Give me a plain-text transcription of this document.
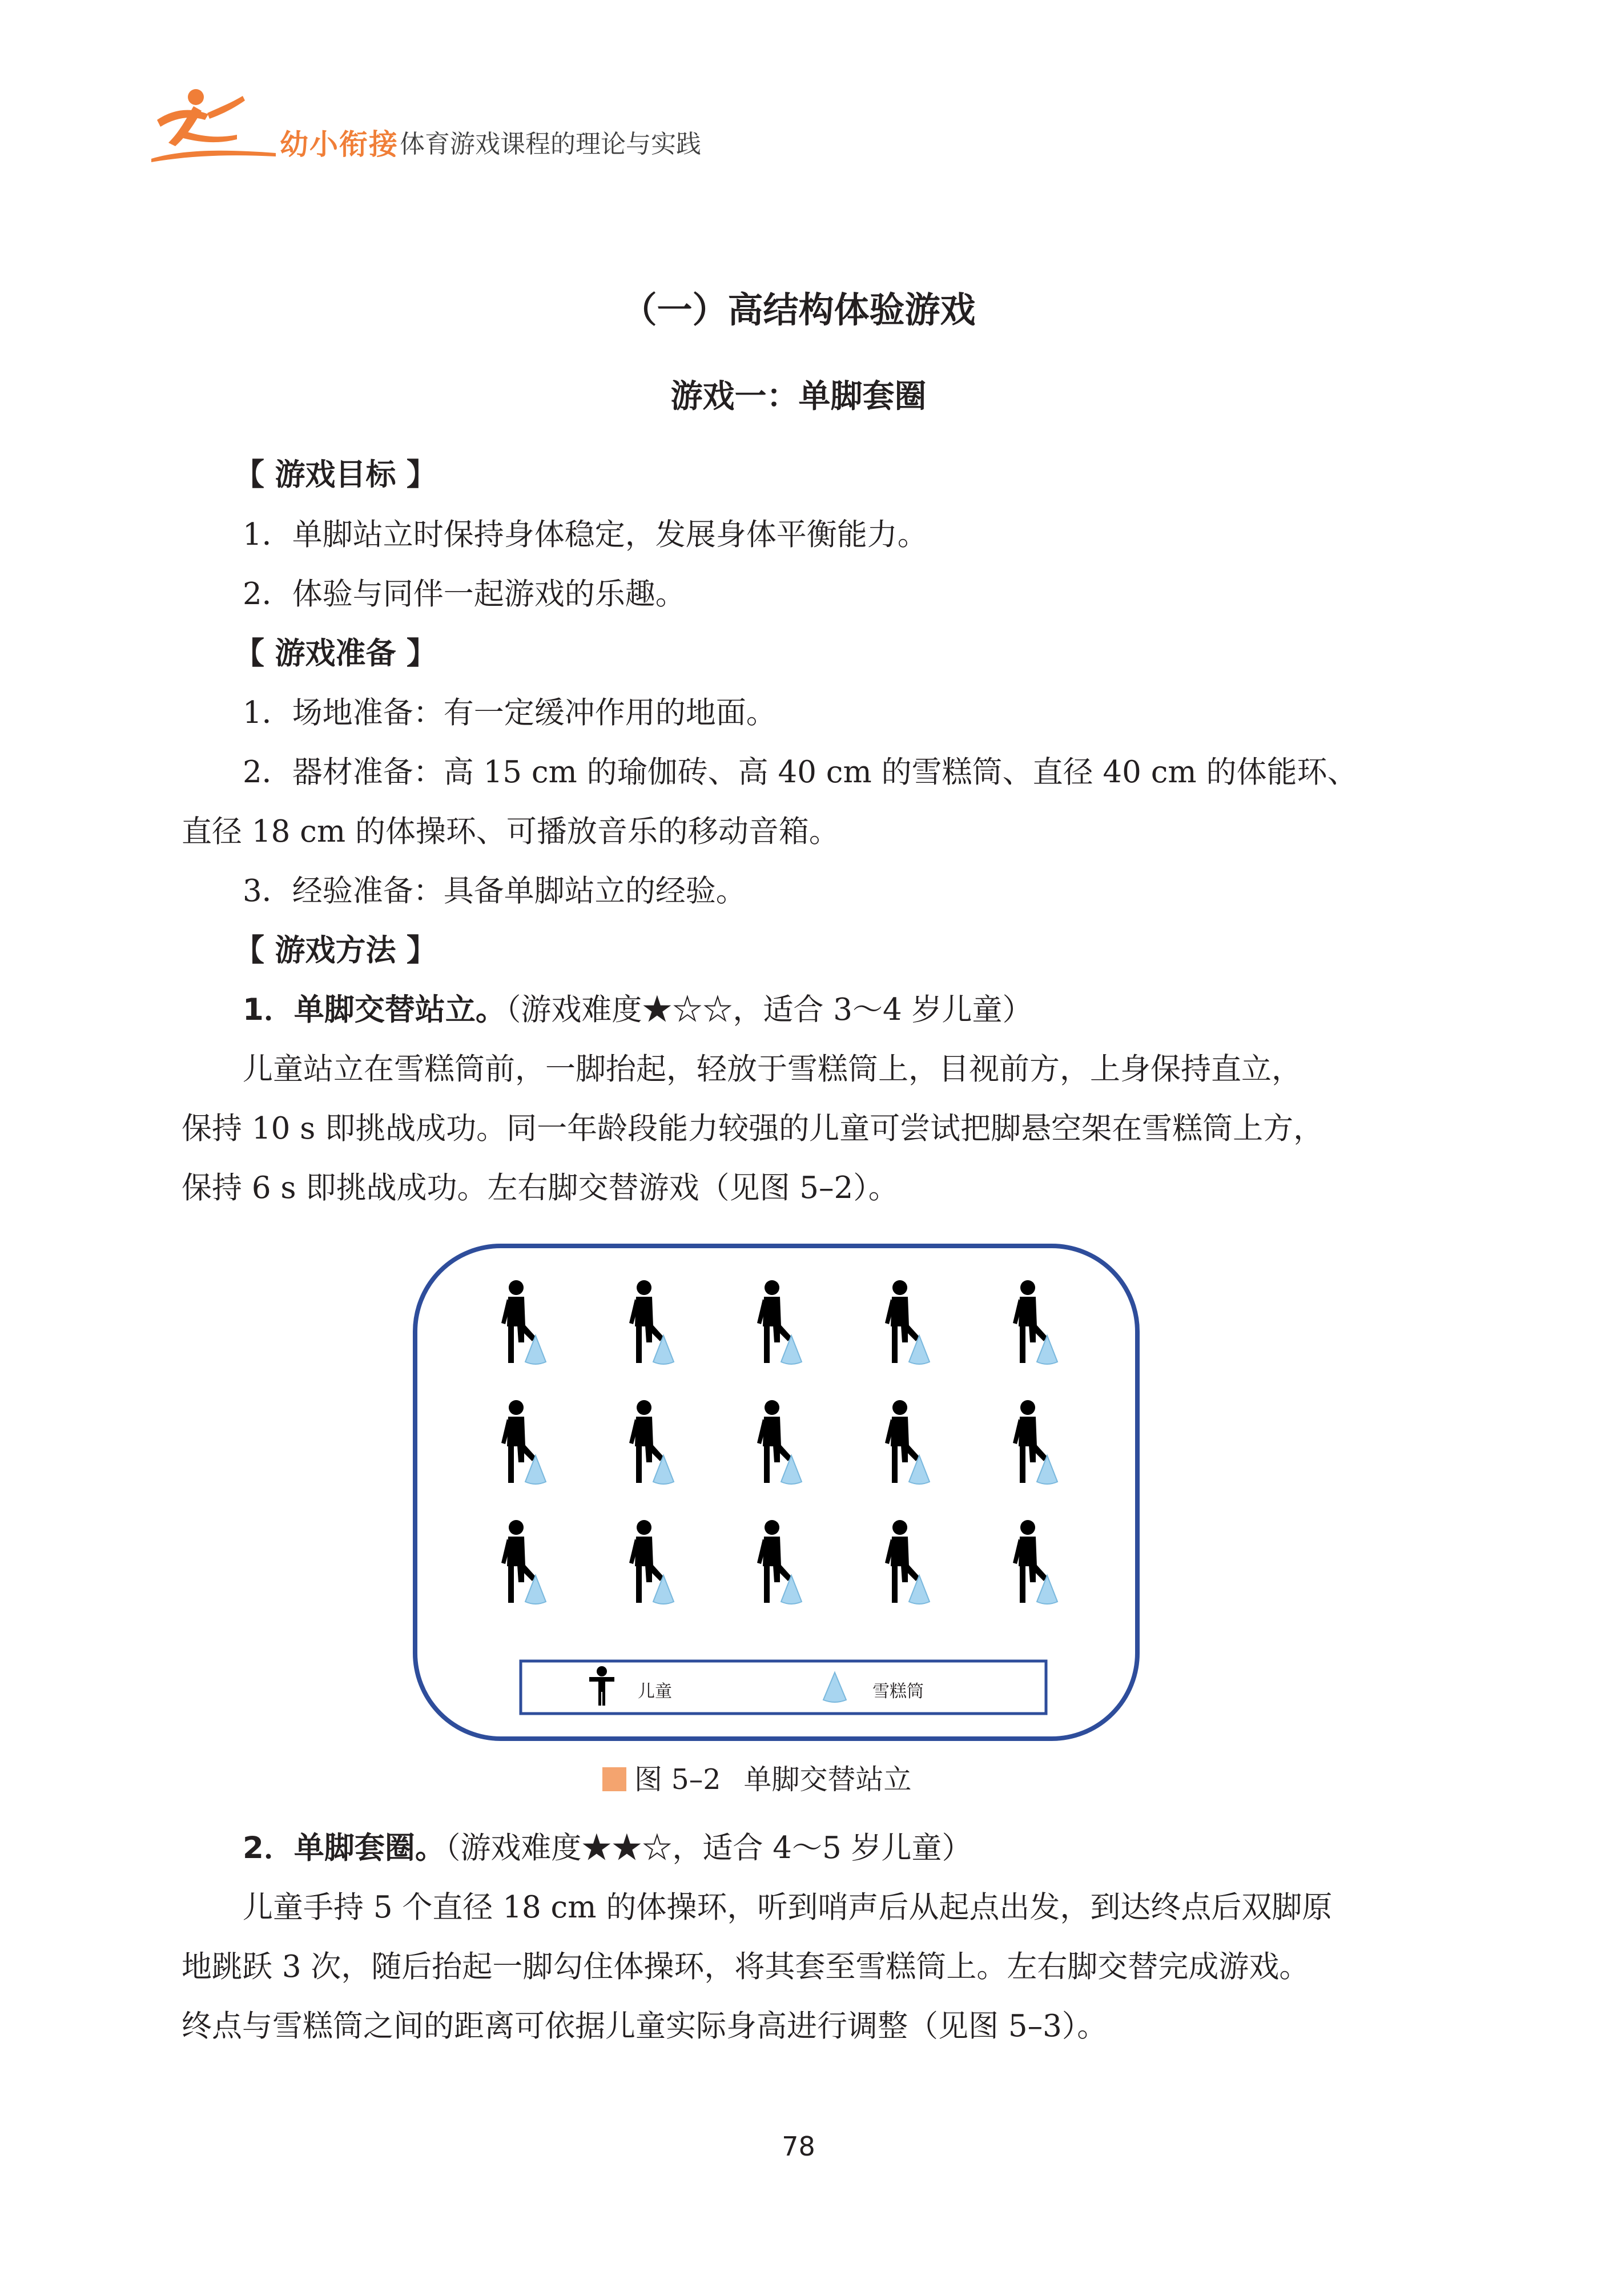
幼小衔接 体育游戏课程的理论与实践
（一）高结构体验游戏
游戏一：单脚套圈
【 游戏目标 】
1．单脚站立时保持身体稳定，发展身体平衡能力。
2．体验与同伴一起游戏的乐趣。
【 游戏准备 】
1．场地准备：有一定缓冲作用的地面。
2．器材准备：高 15 cm 的瑜伽砖、高 40 cm 的雪糕筒、直径 40 cm 的体能环、
直径 18 cm 的体操环、可播放音乐的移动音箱。
3．经验准备：具备单脚站立的经验。
【 游戏方法 】
1．单脚交替站立。（游戏难度★☆☆，适合 3～4 岁儿童）
儿童站立在雪糕筒前，一脚抬起，轻放于雪糕筒上，目视前方，上身保持直立，
保持 10 s 即挑战成功。同一年龄段能力较强的儿童可尝试把脚悬空架在雪糕筒上方，
保持 6 s 即挑战成功。左右脚交替游戏（见图 5–2）。
儿童	雪糕筒
图 5–2 单脚交替站立
2．单脚套圈。（游戏难度★★☆，适合 4～5 岁儿童）
儿童手持 5 个直径 18 cm 的体操环，听到哨声后从起点出发，到达终点后双脚原
地跳跃 3 次，随后抬起一脚勾住体操环，将其套至雪糕筒上。左右脚交替完成游戏。
终点与雪糕筒之间的距离可依据儿童实际身高进行调整（见图 5–3）。
78
